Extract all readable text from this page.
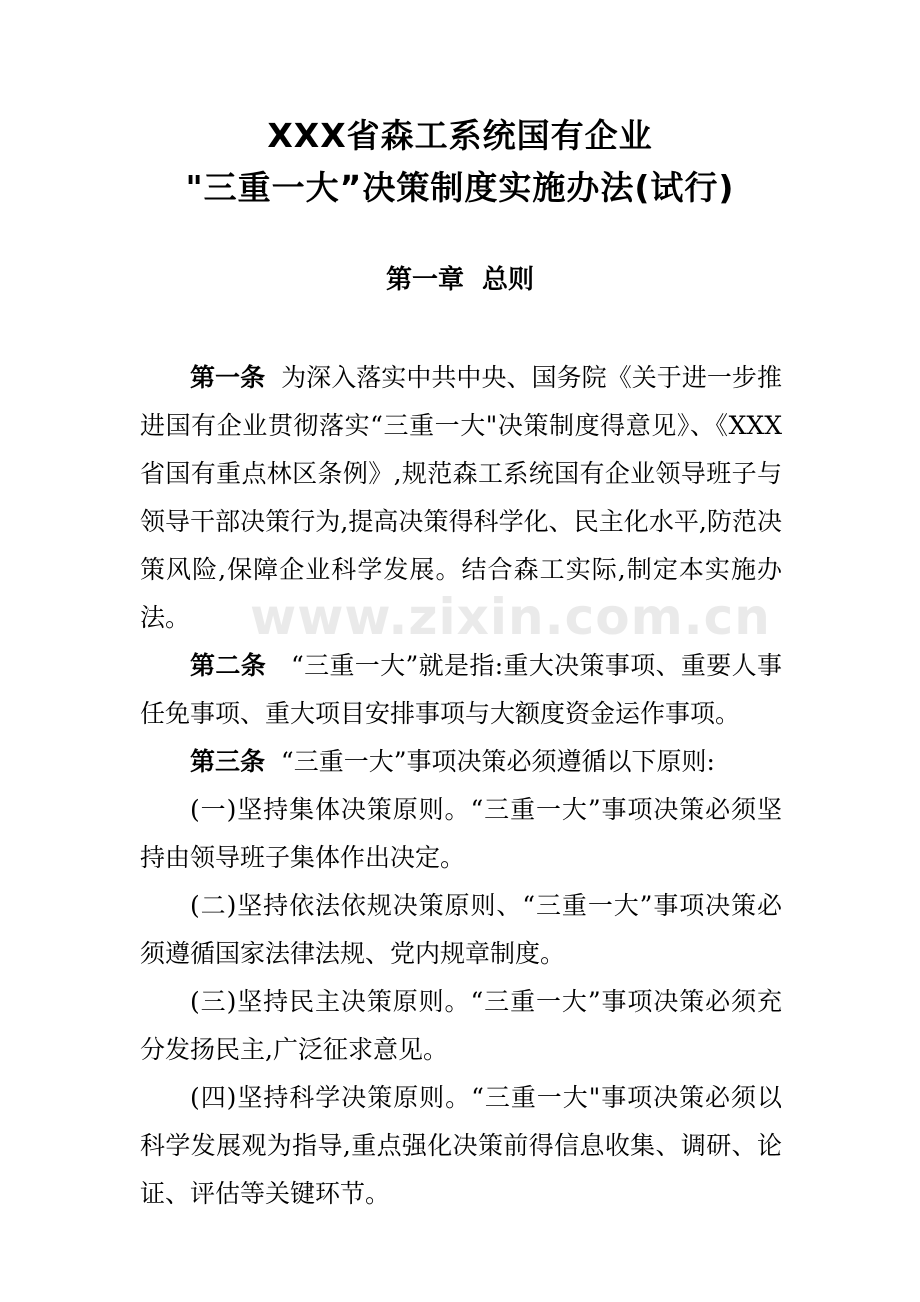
XXX省森工系统国有企业
"三重一大”决策制度实施办法(试行)
第一章  总则

第一条 为深入落实中共中央、国务院《关于进一步推进国有企业贯彻落实“三重一大"决策制度得意见》、《XXX省国有重点林区条例》,规范森工系统国有企业领导班子与领导干部决策行为,提高决策得科学化、民主化水平,防范决策风险,保障企业科学发展。结合森工实际,制定本实施办法。

第二条 “三重一大”就是指:重大决策事项、重要人事任免事项、重大项目安排事项与大额度资金运作事项。

第三条 “三重一大”事项决策必须遵循以下原则:

(一)坚持集体决策原则。“三重一大”事项决策必须坚持由领导班子集体作出决定。

(二)坚持依法依规决策原则、“三重一大”事项决策必须遵循国家法律法规、党内规章制度。

(三)坚持民主决策原则。“三重一大”事项决策必须充分发扬民主,广泛征求意见。

(四)坚持科学决策原则。“三重一大"事项决策必须以科学发展观为指导,重点强化决策前得信息收集、调研、论证、评估等关键环节。

www.zixin.com.cn
